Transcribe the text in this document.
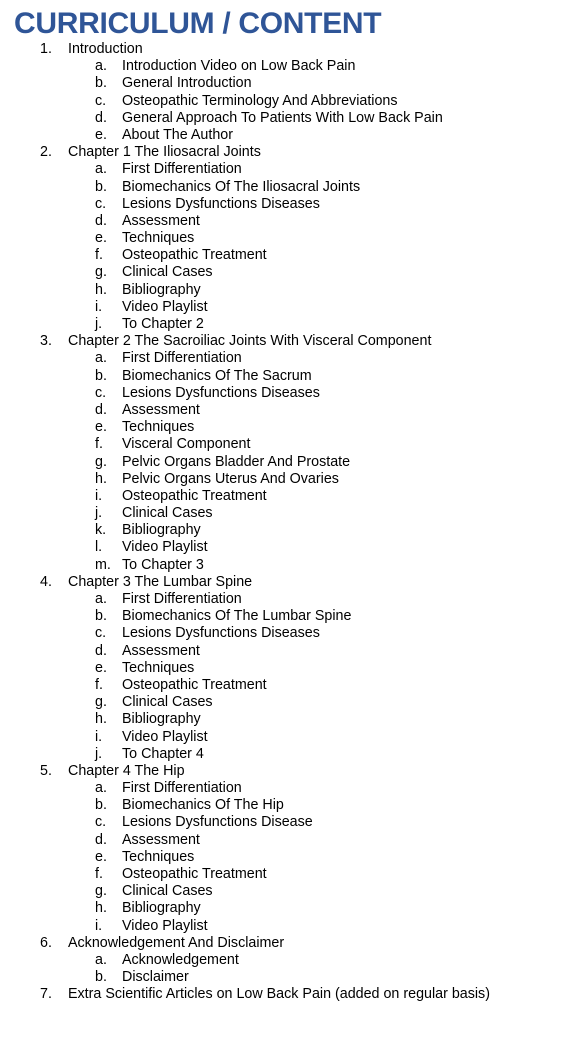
CURRICULUM / CONTENT
1. Introduction
a. Introduction Video on Low Back Pain
b. General Introduction
c. Osteopathic Terminology And Abbreviations
d. General Approach To Patients With Low Back Pain
e. About The Author
2. Chapter 1 The Iliosacral Joints
a. First Differentiation
b. Biomechanics Of The Iliosacral Joints
c. Lesions Dysfunctions Diseases
d. Assessment
e. Techniques
f. Osteopathic Treatment
g. Clinical Cases
h. Bibliography
i. Video Playlist
j. To Chapter 2
3. Chapter 2 The Sacroiliac Joints With Visceral Component
a. First Differentiation
b. Biomechanics Of The Sacrum
c. Lesions Dysfunctions Diseases
d. Assessment
e. Techniques
f. Visceral Component
g. Pelvic Organs Bladder And Prostate
h. Pelvic Organs Uterus And Ovaries
i. Osteopathic Treatment
j. Clinical Cases
k. Bibliography
l. Video Playlist
m. To Chapter 3
4. Chapter 3 The Lumbar Spine
a. First Differentiation
b. Biomechanics Of The Lumbar Spine
c. Lesions Dysfunctions Diseases
d. Assessment
e. Techniques
f. Osteopathic Treatment
g. Clinical Cases
h. Bibliography
i. Video Playlist
j. To Chapter 4
5. Chapter 4 The Hip
a. First Differentiation
b. Biomechanics Of The Hip
c. Lesions Dysfunctions Disease
d. Assessment
e. Techniques
f. Osteopathic Treatment
g. Clinical Cases
h. Bibliography
i. Video Playlist
6. Acknowledgement And Disclaimer
a. Acknowledgement
b. Disclaimer
7. Extra Scientific Articles on Low Back Pain (added on regular basis)
